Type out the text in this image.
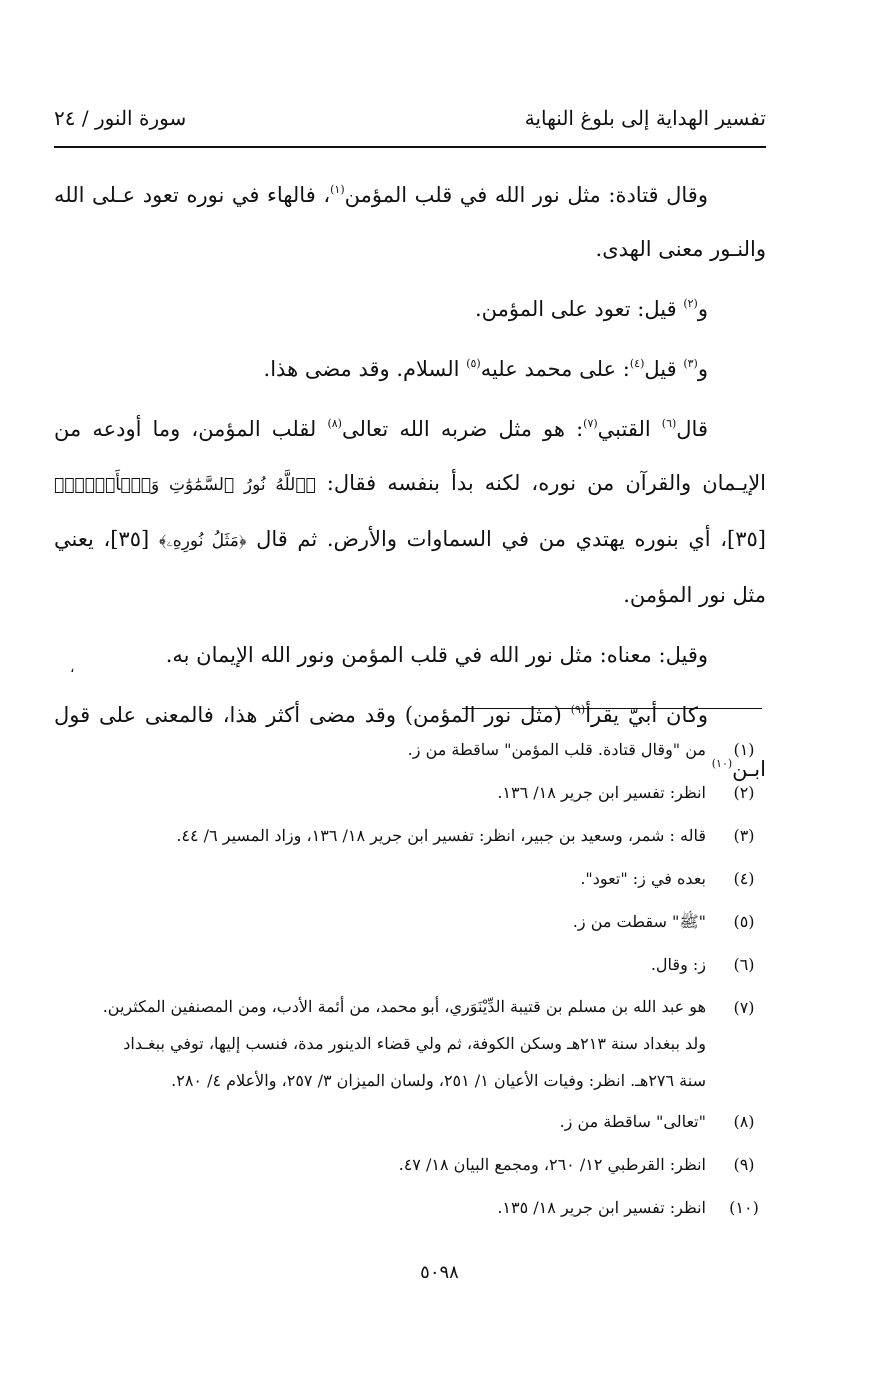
تفسير الهداية إلى بلوغ النهاية
سورة النور / ٢٤

وقال قتادة: مثل نور الله في قلب المؤمن$^{(١)}$، فالهاء في نوره تعود عـلى الله والنـور معنى الهدى.

و$^{(٢)}$ قيل: تعود على المؤمن.

و$^{(٣)}$ قيل$^{(٤)}$: على محمد عليه$^{(٥)}$ السلام. وقد مضى هذا.

قال$^{(٦)}$ القتبي$^{(٧)}$: هو مثل ضربه الله تعالى$^{(٨)}$ لقلب المؤمن، وما أودعه من الإيـمان والقرآن من نوره، لكنه بدأ بنفسه فقال: ﴿ٱللَّهُ نُورُ ٱلسَّمَٰوَٰتِ وَٱلۡأَرۡضِۚ﴾ [٣٥]، أي بنوره يهتدي من في السماوات والأرض. ثم قال ﴿مَثَلُ نُورِهِۦ﴾ [٣٥]، يعني مثل نور المؤمن.

وقيل: معناه: مثل نور الله في قلب المؤمن ونور الله الإيمان به.

وكان أبيّ يقرأ$^{(٩)}$ (مثل نور المؤمن) وقد مضى أكثر هذا، فالمعنى على قول ابـن$^{(١٠)}$

،
(١)
من "وقال قتادة. قلب المؤمن" ساقطة من ز.
(٢)
انظر: تفسير ابن جرير ١٨/ ١٣٦.
(٣)
قاله : شمر، وسعيد بن جبير، انظر: تفسير ابن جرير ١٨/ ١٣٦، وزاد المسير ٦/ ٤٤.
(٤)
بعده في ز: "تعود".
(٥)
"ﷺ" سقطت من ز.
(٦)
ز: وقال.
(٧)
هو عبد الله بن مسلم بن قتيبة الدِّيْنَوَري، أبو محمد، من أئمة الأدب، ومن المصنفين المكثرين. ولد ببغداد سنة ٢١٣هـ وسكن الكوفة، ثم ولي قضاء الدينور مدة، فنسب إليها، توفي ببغـداد سنة ٢٧٦هـ. انظر: وفيات الأعيان ١/ ٢٥١، ولسان الميزان ٣/ ٢٥٧، والأعلام ٤/ ٢٨٠.
(٨)
"تعالى" ساقطة من ز.
(٩)
انظر: القرطبي ١٢/ ٢٦٠، ومجمع البيان ١٨/ ٤٧.
(١٠)
انظر: تفسير ابن جرير ١٨/ ١٣٥.
٥٠٩٨
